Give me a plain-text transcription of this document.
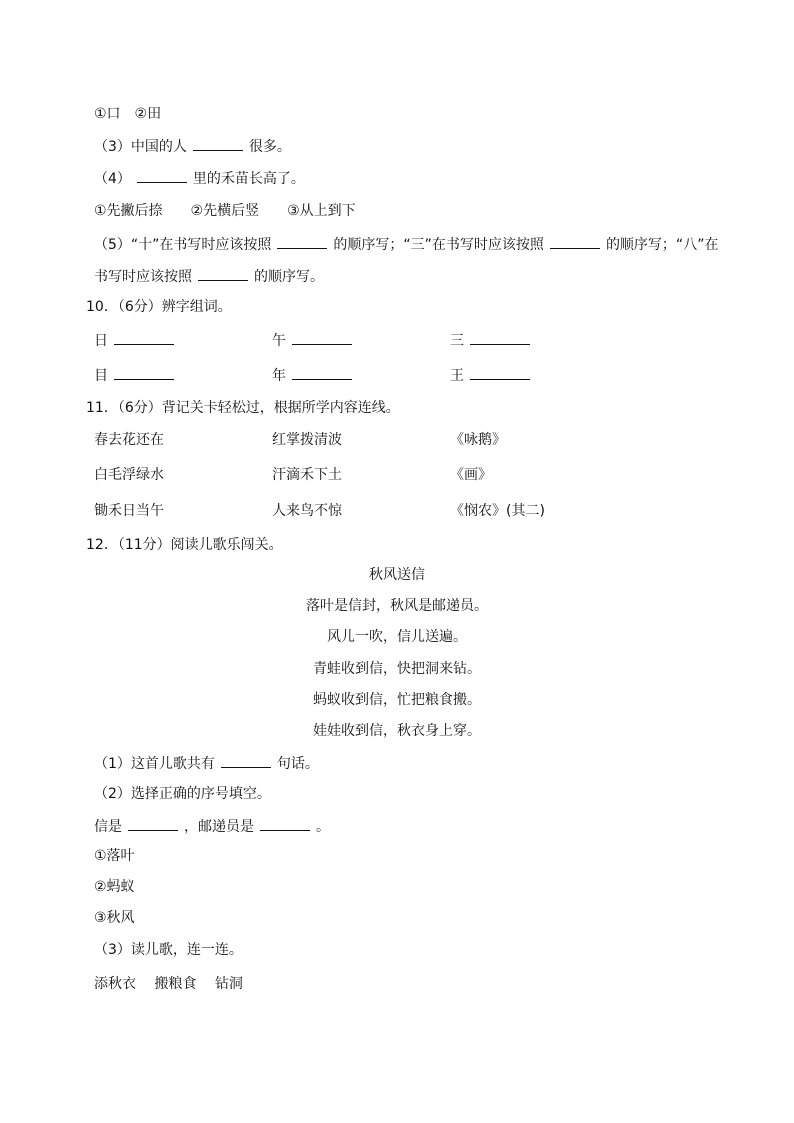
①口　②田
（3）中国的人	很多。
（4）	里的禾苗长高了。
①先撇后捺　　②先横后竖　　③从上到下
（5）“十”在书写时应该按照	的顺序写；“三”在书写时应该按照	的顺序写；“八”在
书写时应该按照	的顺序写。
10．（6分）辨字组词。
日	午	三
目	年	王
11．（6分）背记关卡轻松过，根据所学内容连线。
春去花还在	红掌拨清波	《咏鹅》
白毛浮绿水	汗滴禾下土	《画》
锄禾日当午	人来鸟不惊	《悯农》(其二)
12．（11分）阅读儿歌乐闯关。
秋风送信
落叶是信封，秋风是邮递员。
风儿一吹，信儿送遍。
青蛙收到信，快把洞来钻。
蚂蚁收到信，忙把粮食搬。
娃娃收到信，秋衣身上穿。
（1）这首儿歌共有	句话。
（2）选择正确的序号填空。
信是	，邮递员是	。
①落叶
②蚂蚁
③秋风
（3）读儿歌，连一连。
添秋衣　 搬粮食　 钻洞
